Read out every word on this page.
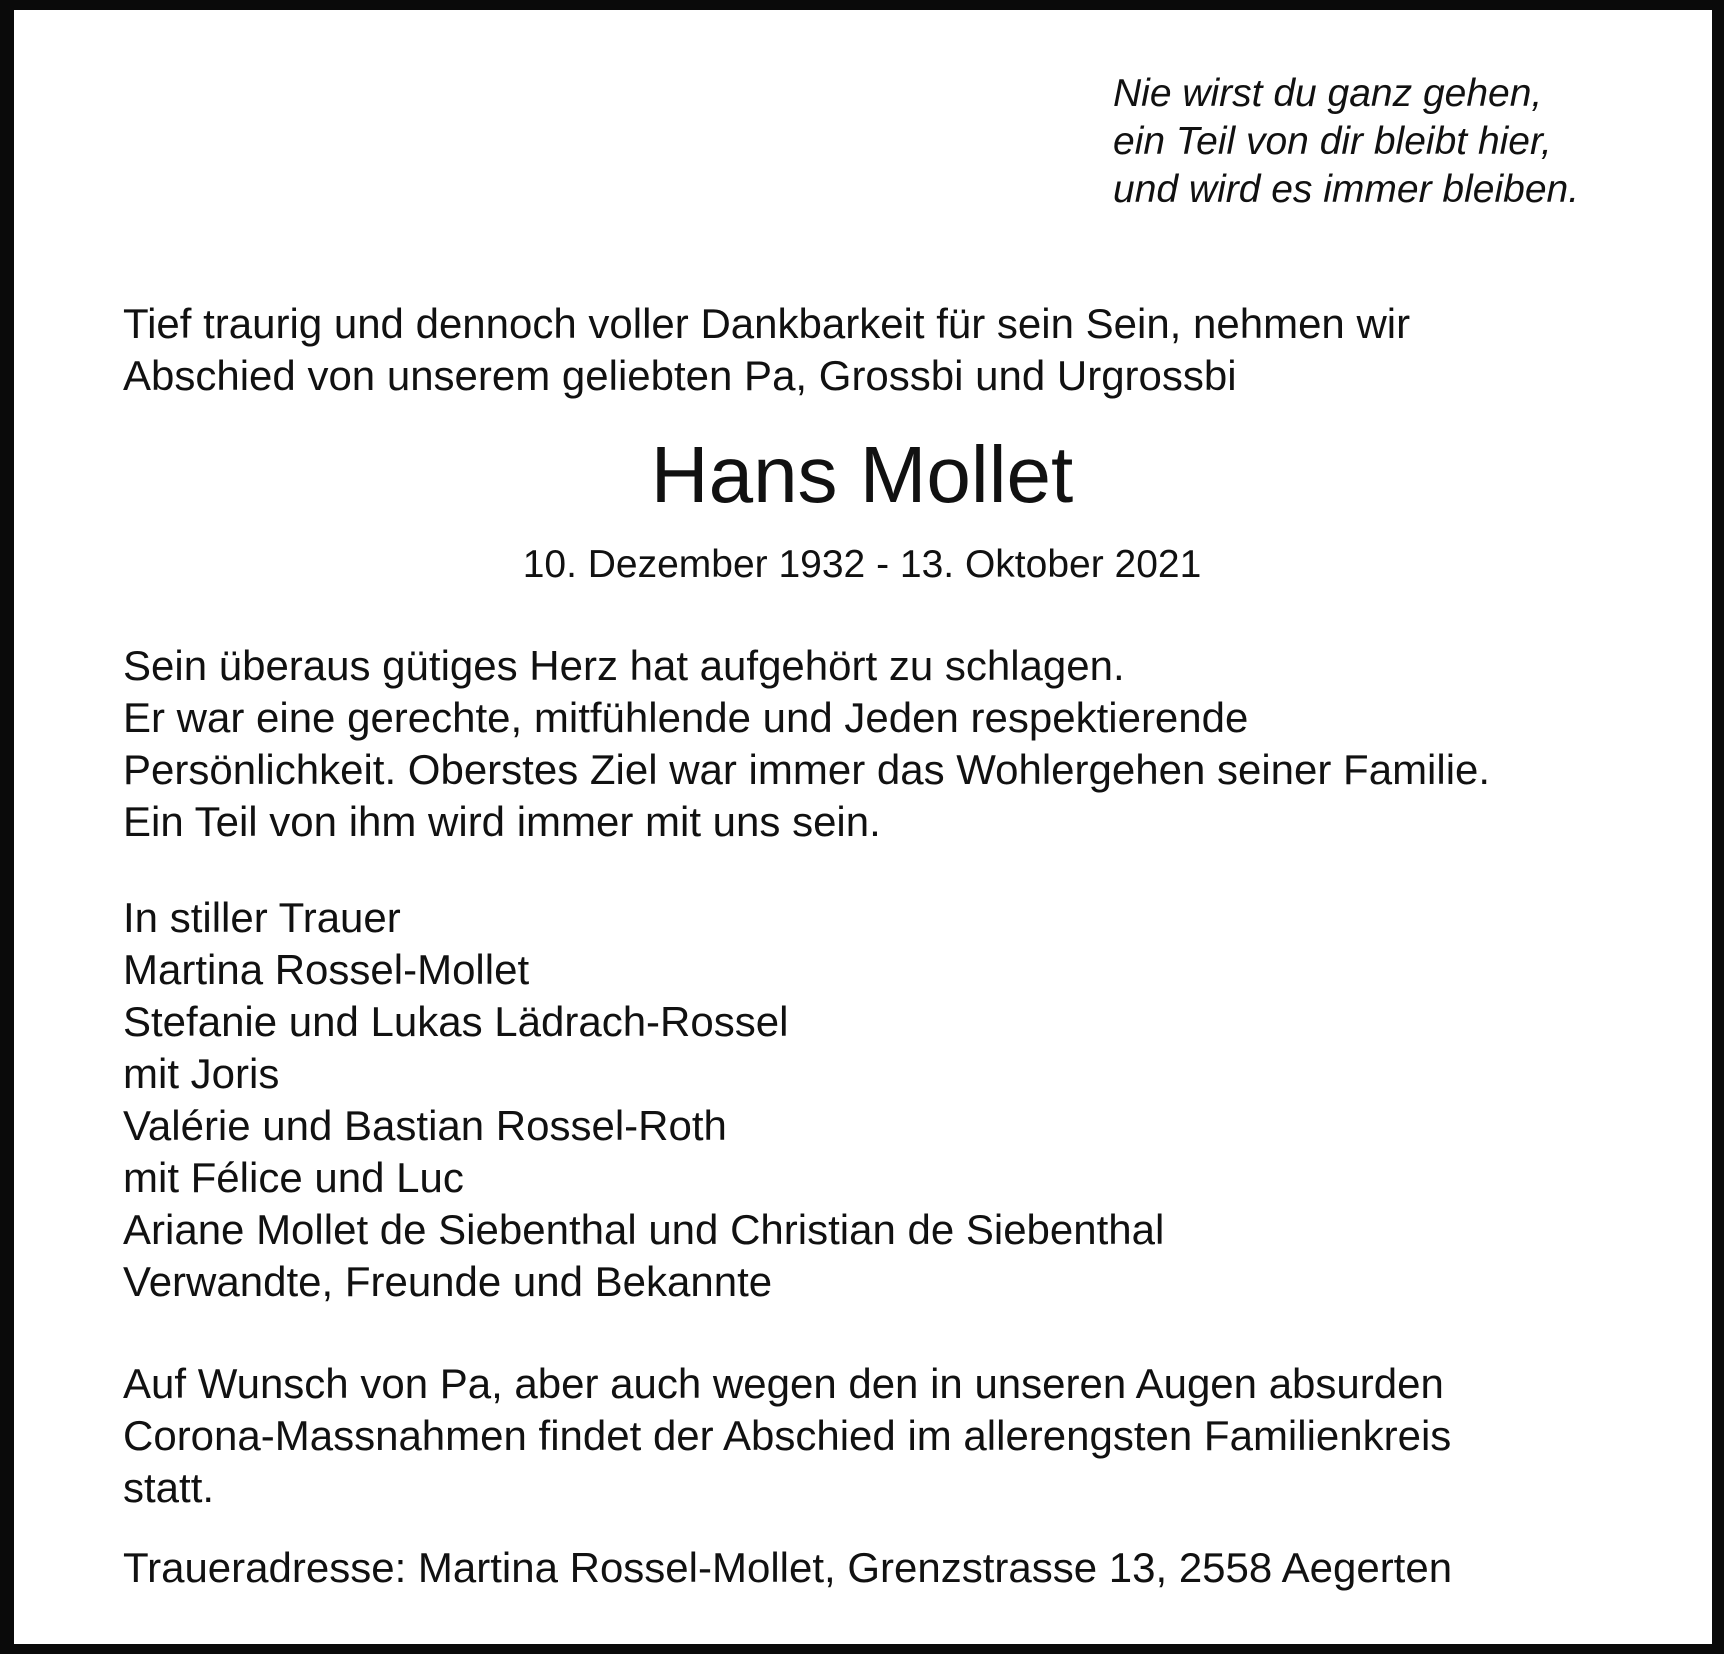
Nie wirst du ganz gehen,
ein Teil von dir bleibt hier,
und wird es immer bleiben.
Tief traurig und dennoch voller Dankbarkeit für sein Sein, nehmen wir
Abschied von unserem geliebten Pa, Grossbi und Urgrossbi
Hans Mollet
10. Dezember 1932 - 13. Oktober 2021
Sein überaus gütiges Herz hat aufgehört zu schlagen.
Er war eine gerechte, mitfühlende und Jeden respektierende
Persönlichkeit. Oberstes Ziel war immer das Wohlergehen seiner Familie.
Ein Teil von ihm wird immer mit uns sein.
In stiller Trauer
Martina Rossel-Mollet
Stefanie und Lukas Lädrach-Rossel
mit Joris
Valérie und Bastian Rossel-Roth
mit Félice und Luc
Ariane Mollet de Siebenthal und Christian de Siebenthal
Verwandte, Freunde und Bekannte
Auf Wunsch von Pa, aber auch wegen den in unseren Augen absurden
Corona-Massnahmen findet der Abschied im allerengsten Familienkreis
statt.
Traueradresse: Martina Rossel-Mollet, Grenzstrasse 13, 2558 Aegerten
